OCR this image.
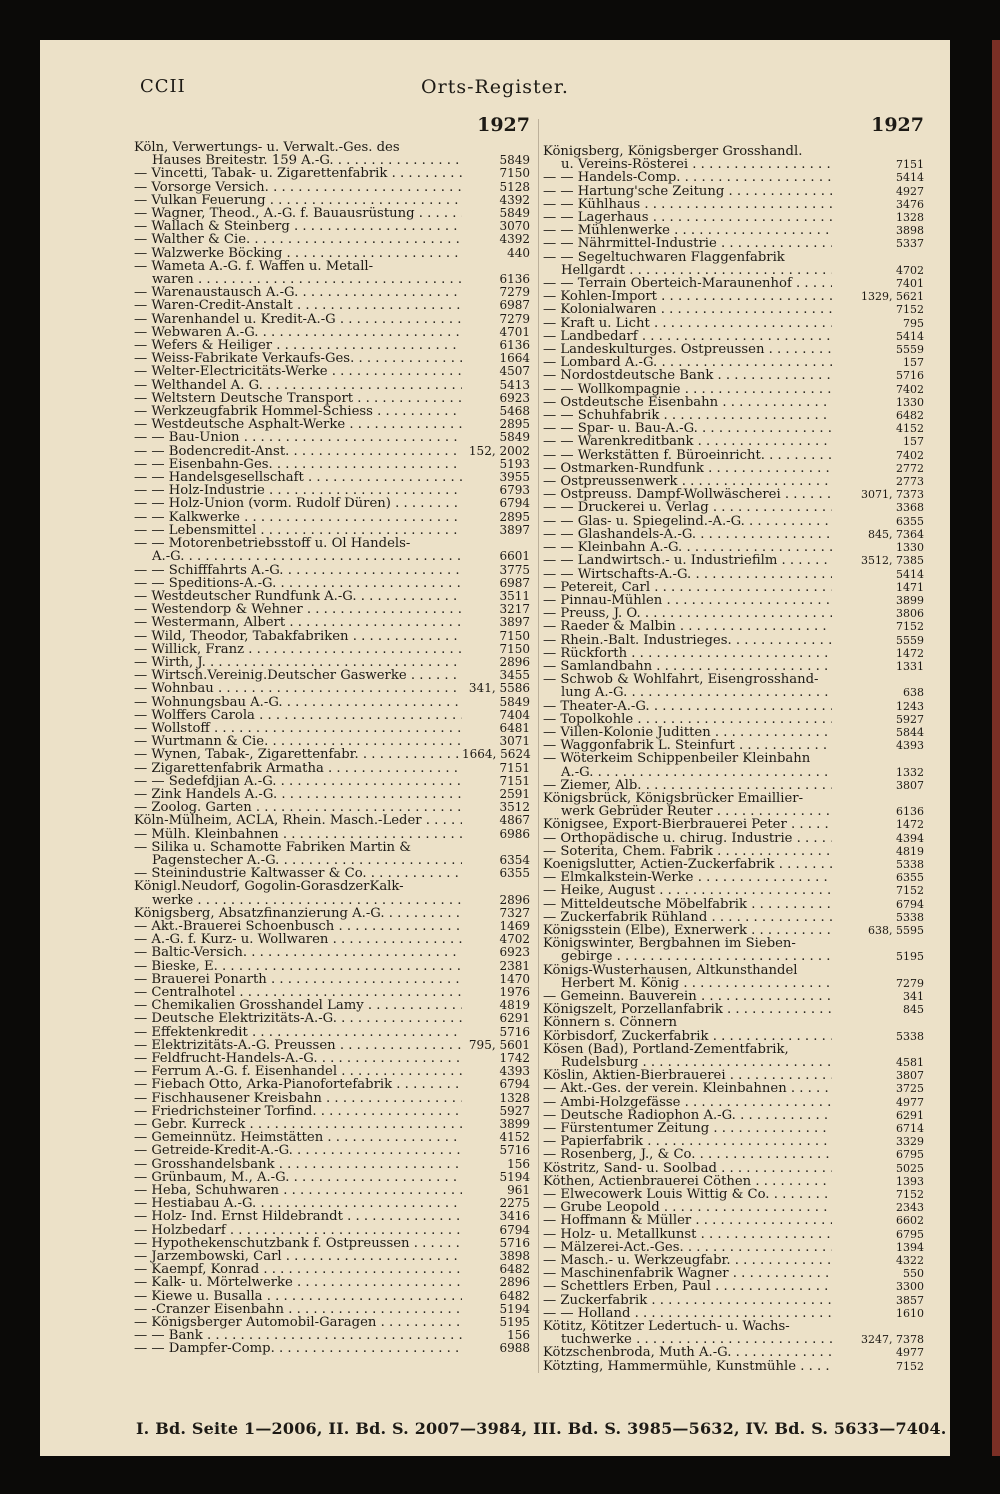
CCII	Orts-Register.
1927
Köln, Verwertungs- u. Verwalt.-Ges. des
Hauses Breitestr. 159 A.-G. . . .	5849
— Vincetti, Tabak- u. Zigarettenfabrik . . .	7150
— Vorsorge Versich. . . .	5128
— Vulkan Feuerung . . .	4392
— Wagner, Theod., A.-G. f. Bauausrüstung . . .	5849
— Wallach & Steinberg . . .	3070
— Walther & Cie. . . .	4392
— Walzwerke Böcking . . .	440
— Wameta A.-G. f. Waffen u. Metall-
waren . . .	6136
— Warenaustausch A.-G. . . .	7279
— Waren-Credit-Anstalt . . .	6987
— Warenhandel u. Kredit-A.-G . . .	7279
— Webwaren A.-G. . . .	4701
— Wefers & Heiliger . . .	6136
— Weiss-Fabrikate Verkaufs-Ges. . . .	1664
— Welter-Electricitäts-Werke . . .	4507
— Welthandel A. G. . . .	5413
— Weltstern Deutsche Transport . . .	6923
— Werkzeugfabrik Hommel-Schiess . . .	5468
— Westdeutsche Asphalt-Werke . . .	2895
— — Bau-Union . . .	5849
— — Bodencredit-Anst. . . .	152, 2002
— — Eisenbahn-Ges. . . .	5193
— — Handelsgesellschaft . . .	3955
— — Holz-Industrie . . .	6793
— — Holz-Union (vorm. Rudolf Düren) . . .	6794
— — Kalkwerke . . .	2895
— — Lebensmittel . . .	3897
— — Motorenbetriebsstoff u. Öl Handels-
A.-G. . . .	6601
— — Schifffahrts A.-G. . . .	3775
— — Speditions-A.-G. . . .	6987
— Westdeutscher Rundfunk A.-G. . . .	3511
— Westendorp & Wehner . . .	3217
— Westermann, Albert . . .	3897
— Wild, Theodor, Tabakfabriken . . .	7150
— Willick, Franz . . .	7150
— Wirth, J. . . .	2896
— Wirtsch.Vereinig.Deutscher Gaswerke . . .	3455
— Wohnbau . . .	341, 5586
— Wohnungsbau A.-G. . . .	5849
— Wolffers Carola . . .	7404
— Wollstoff . . .	6481
— Wurtmann & Cie. . . .	3071
— Wynen, Tabak-, Zigarettenfabr. . . .	1664, 5624
— Zigarettenfabrik Armatha . . .	7151
— — Sedefdjian A.-G. . . .	7151
— Zink Handels A.-G. . . .	2591
— Zoolog. Garten . . .	3512
Köln-Mülheim, ACLA, Rhein. Masch.-Leder . . .	4867
— Mülh. Kleinbahnen . . .	6986
— Silika u. Schamotte Fabriken Martin &
Pagenstecher A.-G. . . .	6354
— Steinindustrie Kaltwasser & Co. . . .	6355
Königl.Neudorf, Gogolin-GorasdzerKalk-
werke . . .	2896
Königsberg, Absatzfinanzierung A.-G. . . .	7327
— Akt.-Brauerei Schoenbusch . . .	1469
— A.-G. f. Kurz- u. Wollwaren . . .	4702
— Baltic-Versich. . . .	6923
— Bieske, E. . . .	2381
— Brauerei Ponarth . . .	1470
— Centralhotel . . .	1976
— Chemikalien Grosshandel Lamy . . .	4819
— Deutsche Elektrizitäts-A.-G. . . .	6291
— Effektenkredit . . .	5716
— Elektrizitäts-A.-G. Preussen . . .	795, 5601
— Feldfrucht-Handels-A.-G. . . .	1742
— Ferrum A.-G. f. Eisenhandel . . .	4393
— Fiebach Otto, Arka-Pianofortefabrik . . .	6794
— Fischhausener Kreisbahn . . .	1328
— Friedrichsteiner Torfind. . . .	5927
— Gebr. Kurreck . . .	3899
— Gemeinnütz. Heimstätten . . .	4152
— Getreide-Kredit-A.-G. . . .	5716
— Grosshandelsbank . . .	156
— Grünbaum, M., A.-G. . . .	5194
— Heba, Schuhwaren . . .	961
— Hestiabau A.-G. . . .	2275
— Holz- Ind. Ernst Hildebrandt . . .	3416
— Holzbedarf . . .	6794
— Hypothekenschutzbank f. Ostpreussen . . .	5716
— Jarzembowski, Carl . . .	3898
— Kaempf, Konrad . . .	6482
— Kalk- u. Mörtelwerke . . .	2896
— Kiewe u. Busalla . . .	6482
— -Cranzer Eisenbahn . . .	5194
— Königsberger Automobil-Garagen . . .	5195
— — Bank . . .	156
— — Dampfer-Comp. . . .	6988
1927
Königsberg, Königsberger Grosshandl.
u. Vereins-Rösterei . . .	7151
— — Handels-Comp. . . .	5414
— — Hartung'sche Zeitung . . .	4927
— — Kühlhaus . . .	3476
— — Lagerhaus . . .	1328
— — Mühlenwerke . . .	3898
— — Nährmittel-Industrie . . .	5337
— — Segeltuchwaren Flaggenfabrik
Hellgardt . . .	4702
— — Terrain Oberteich-Maraunenhof . . .	7401
— Kohlen-Import . . .	1329, 5621
— Kolonialwaren . . .	7152
— Kraft u. Licht . . .	795
— Landbedarf . . .	5414
— Landeskulturges. Ostpreussen . . .	5559
— Lombard A.-G. . . .	157
— Nordostdeutsche Bank . . .	5716
— — Wollkompagnie . . .	7402
— Ostdeutsche Eisenbahn . . .	1330
— — Schuhfabrik . . .	6482
— — Spar- u. Bau-A.-G. . . .	4152
— — Warenkreditbank . . .	157
— — Werkstätten f. Büroeinricht. . . .	7402
— Ostmarken-Rundfunk . . .	2772
— Ostpreussenwerk . . .	2773
— Ostpreuss. Dampf-Wollwäscherei . . .	3071, 7373
— — Druckerei u. Verlag . . .	3368
— — Glas- u. Spiegelind.-A.-G. . . .	6355
— — Glashandels-A.-G. . . .	845, 7364
— — Kleinbahn A.-G. . . .	1330
— — Landwirtsch.- u. Industriefilm . . .	3512, 7385
— — Wirtschafts-A.-G. . . .	5414
— Petereit, Carl . . .	1471
— Pinnau-Mühlen . . .	3899
— Preuss, J. O. . . .	3806
— Raeder & Malbin . . .	7152
— Rhein.-Balt. Industrieges. . . .	5559
— Rückforth . . .	1472
— Samlandbahn . . .	1331
— Schwob & Wohlfahrt, Eisengrosshand-
lung A.-G. . . .	638
— Theater-A.-G. . . .	1243
— Topolkohle . . .	5927
— Villen-Kolonie Juditten . . .	5844
— Waggonfabrik L. Steinfurt . . .	4393
— Wöterkeim Schippenbeiler Kleinbahn
A.-G. . . .	1332
— Ziemer, Alb. . . .	3807
Königsbrück, Königsbrücker Emaillier-
werk Gebrüder Reuter . . .	6136
Königsee, Export-Bierbrauerei Peter . . .	1472
— Orthopädische u. chirug. Industrie . . .	4394
— Soterita, Chem. Fabrik . . .	4819
Koenigslutter, Actien-Zuckerfabrik . . .	5338
— Elmkalkstein-Werke . . .	6355
— Heike, August . . .	7152
— Mitteldeutsche Möbelfabrik . . .	6794
— Zuckerfabrik Rühland . . .	5338
Königsstein (Elbe), Exnerwerk . . .	638, 5595
Königswinter, Bergbahnen im Sieben-
gebirge . . .	5195
Königs-Wusterhausen, Altkunsthandel
Herbert M. König . . .	7279
— Gemeinn. Bauverein . . .	341
Königszelt, Porzellanfabrik . . .	845
Könnern s. Cönnern
Körbisdorf, Zuckerfabrik . . .	5338
Kösen (Bad), Portland-Zementfabrik,
Rudelsburg . . .	4581
Köslin, Aktien-Bierbrauerei . . .	3807
— Akt.-Ges. der verein. Kleinbahnen . . .	3725
— Ambi-Holzgefässe . . .	4977
— Deutsche Radiophon A.-G. . . .	6291
— Fürstentumer Zeitung . . .	6714
— Papierfabrik . . .	3329
— Rosenberg, J., & Co. . . .	6795
Köstritz, Sand- u. Soolbad . . .	5025
Köthen, Actienbrauerei Cöthen . . .	1393
— Elwecowerk Louis Wittig & Co. . . .	7152
— Grube Leopold . . .	2343
— Hoffmann & Müller . . .	6602
— Holz- u. Metallkunst . . .	6795
— Mälzerei-Act.-Ges. . . .	1394
— Masch.- u. Werkzeugfabr. . . .	4322
— Maschinenfabrik Wagner . . .	550
— Schettlers Erben, Paul . . .	3300
— Zuckerfabrik . . .	3857
— — Holland . . .	1610
Kötitz, Kötitzer Ledertuch- u. Wachs-
tuchwerke . . .	3247, 7378
Kötzschenbroda, Muth A.-G. . . .	4977
Kötzting, Hammermühle, Kunstmühle . . .	7152
I. Bd. Seite 1—2006, II. Bd. S. 2007—3984, III. Bd. S. 3985—5632, IV. Bd. S. 5633—7404.
